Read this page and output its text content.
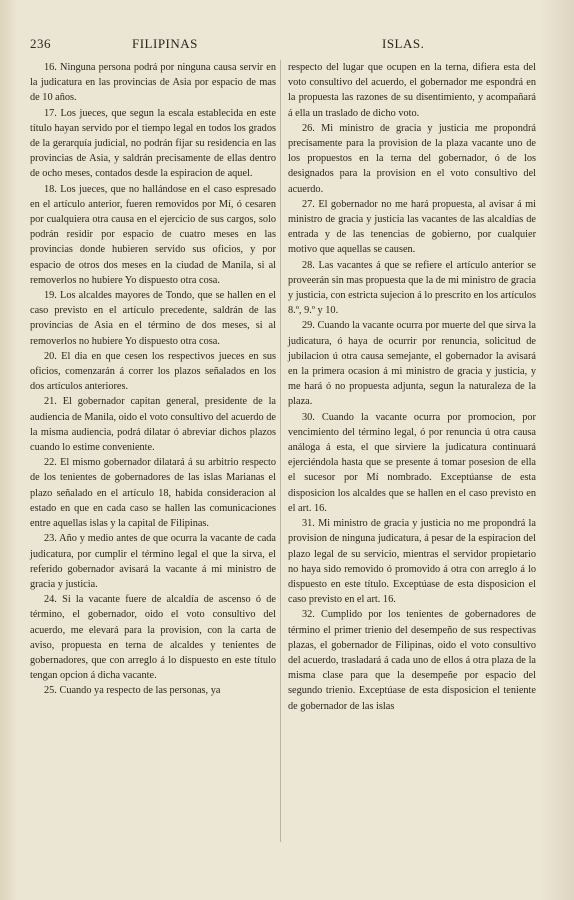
236	FILIPINAS	ISLAS.

16. Ninguna persona podrá por ninguna causa servir en la judicatura en las provincias de Asia por espacio de mas de 10 años.

17. Los jueces, que segun la escala establecida en este título hayan servido por el tiempo legal en todos los grados de la gerarquía judicial, no podrán fijar su residencia en las provincias de Asia, y saldrán precisamente de ellas dentro de ocho meses, contados desde la espiracion de aquel.

18. Los jueces, que no hallándose en el caso espresado en el artículo anterior, fueren removidos por Mí, ó cesaren por cualquiera otra causa en el ejercicio de sus cargos, solo podrán residir por espacio de cuatro meses en las provincias donde hubieren servido sus oficios, y por espacio de otros dos meses en la ciudad de Manila, si al removerlos no hubiere Yo dispuesto otra cosa.

19. Los alcaldes mayores de Tondo, que se hallen en el caso previsto en el artículo precedente, saldrán de las provincias de Asia en el término de dos meses, si al removerlos no hubiere Yo dispuesto otra cosa.

20. El dia en que cesen los respectivos jueces en sus oficios, comenzarán á correr los plazos señalados en los dos artículos anteriores.

21. El gobernador capitan general, presidente de la audiencia de Manila, oido el voto consultivo del acuerdo de la misma audiencia, podrá dilatar ó abreviar dichos plazos cuando lo estime conveniente.

22. El mismo gobernador dilatará á su arbitrio respecto de los tenientes de gobernadores de las islas Marianas el plazo señalado en el artículo 18, habida consideracion al estado en que en cada caso se hallen las comunicaciones entre aquellas islas y la capital de Filipinas.

23. Año y medio antes de que ocurra la vacante de cada judicatura, por cumplir el término legal el que la sirva, el referido gobernador avisará la vacante á mi ministro de gracia y justicia.

24. Si la vacante fuere de alcaldía de ascenso ó de término, el gobernador, oido el voto consultivo del acuerdo, me elevará para la provision, con la carta de aviso, propuesta en terna de alcaldes y tenientes de gobernadores, que con arreglo á lo dispuesto en este título tengan opcion á dicha vacante.

25. Cuando ya respecto de las personas, ya

respecto del lugar que ocupen en la terna, difiera esta del voto consultivo del acuerdo, el gobernador me espondrá en la propuesta las razones de su disentimiento, y acompañará á ella un traslado de dicho voto.

26. Mi ministro de gracia y justicia me propondrá precisamente para la provision de la plaza vacante uno de los propuestos en la terna del gobernador, ó de los designados para la provision en el voto consultivo del acuerdo.

27. El gobernador no me hará propuesta, al avisar á mi ministro de gracia y justicia las vacantes de las alcaldías de entrada y de las tenencias de gobierno, por cualquier motivo que aquellas se causen.

28. Las vacantes á que se refiere el artículo anterior se proveerán sin mas propuesta que la de mi ministro de gracia y justicia, con estricta sujecion á lo prescrito en los artículos 8.º, 9.º y 10.

29. Cuando la vacante ocurra por muerte del que sirva la judicatura, ó haya de ocurrir por renuncia, solicitud de jubilacion ú otra causa semejante, el gobernador la avisará en la primera ocasion á mi ministro de gracia y justicia, y me hará ó no propuesta adjunta, segun la naturaleza de la plaza.

30. Cuando la vacante ocurra por promocion, por vencimiento del término legal, ó por renuncia ú otra causa análoga á esta, el que sirviere la judicatura continuará ejerciéndola hasta que se presente á tomar posesion de ella el sucesor por Mí nombrado. Exceptúanse de esta disposicion los alcaldes que se hallen en el caso previsto en el art. 16.

31. Mi ministro de gracia y justicia no me propondrá la provision de ninguna judicatura, á pesar de la espiracion del plazo legal de su servicio, mientras el servidor propietario no haya sido removido ó promovido á otra con arreglo á lo dispuesto en este título. Exceptúase de esta disposicion el caso previsto en el art. 16.

32. Cumplido por los tenientes de gobernadores de término el primer trienio del desempeño de sus respectivas plazas, el gobernador de Filipinas, oido el voto consultivo del acuerdo, trasladará á cada uno de ellos á otra plaza de la misma clase para que la desempeñe por espacio del segundo trienio. Exceptúase de esta disposicion el teniente de gobernador de las islas
